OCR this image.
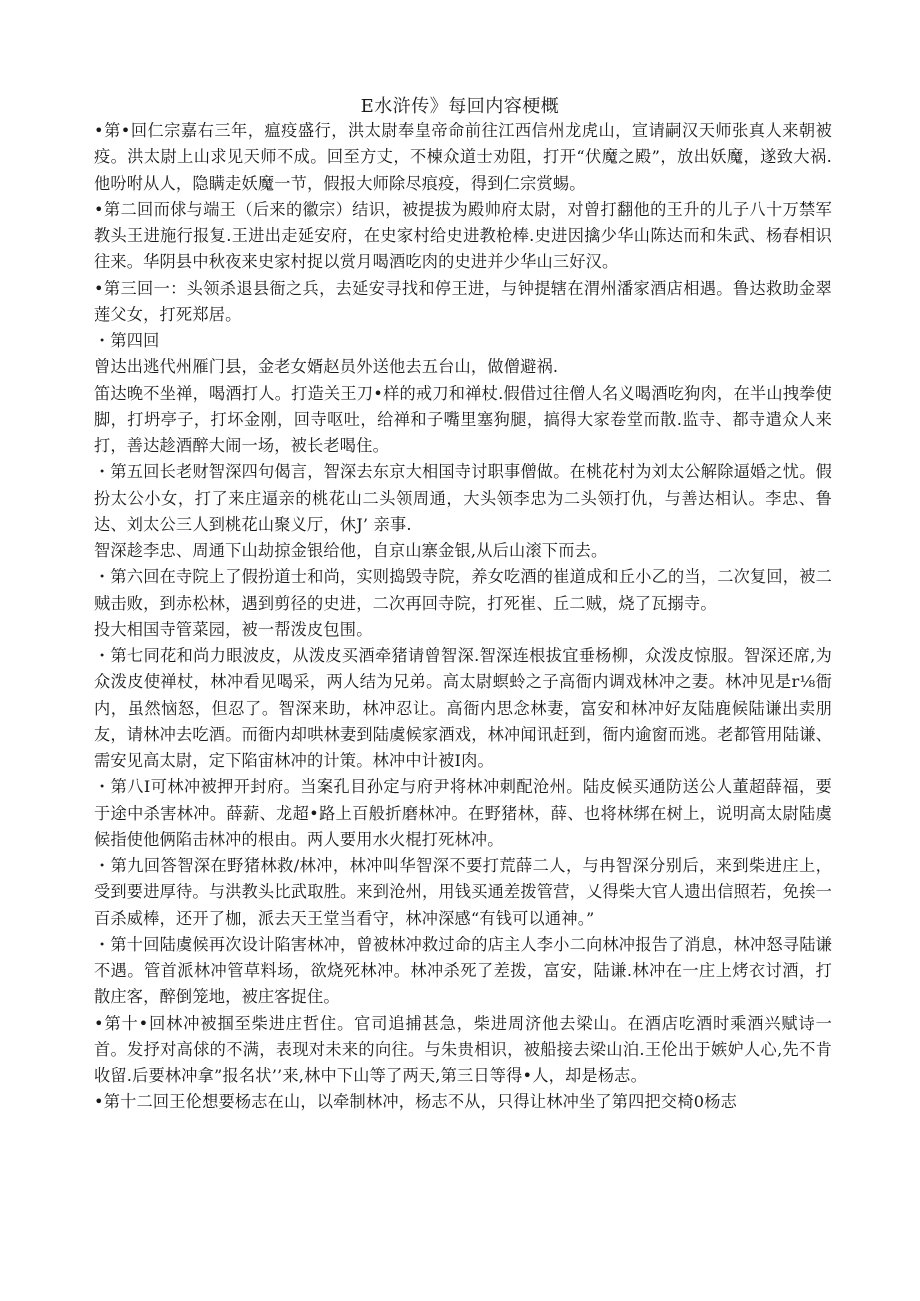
E水浒传》每回内容梗概

•第•回仁宗嘉右三年，瘟疫盛行，洪太尉奉皇帝命前往江西信州龙虎山，宣请嗣汉天师张真人来朝被疫。洪太尉上山求见天师不成。回至方丈，不楝众道士劝阻，打开“伏魔之殿”，放出妖魔，遂致大祸.他吩咐从人，隐瞒走妖魔一节，假报大师除尽痕疫，得到仁宗赏蜴。

•第二回而俅与端王（后来的徽宗）结识，被提拔为殿帅府太尉，对曾打翻他的王升的儿子八十万禁军教头王进施行报复.王进出走延安府，在史家村给史进教枪棒.史进因擒少华山陈达而和朱武、杨春相识往来。华阴县中秋夜来史家村捉以赏月喝酒吃肉的史进并少华山三好汉。

•第三回一：头领杀退县衙之兵，去延安寻找和停王进，与钟提辖在渭州潘家酒店相遇。鲁达救助金翠莲父女，打死郑居。

・第四回

曾达出逃代州雁门县，金老女婿赵员外送他去五台山，做僧避祸.

笛达晚不坐禅，喝酒打人。打造关王刀•样的戒刀和禅杖.假借过往僧人名义喝酒吃狗肉，在半山拽拳使脚，打坍亭子，打坏金刚，回寺呕吐，给禅和子嘴里塞狗腿，搞得大家卷堂而散.监寺、都寺遣众人来打，善达趁酒醉大闹一场，被长老喝住。

・第五回长老财智深四句偈言，智深去东京大相国寺讨职事僧做。在桃花村为刘太公解除逼婚之忧。假扮太公小女，打了来庄逼亲的桃花山二头领周通，大头领李忠为二头领打仇，与善达相认。李忠、鲁达、刘太公三人到桃花山聚义厅，休J’ 亲事.

智深趁李忠、周通下山劫掠金银给他，自京山寨金银,从后山滚下而去。

・第六回在寺院上了假扮道士和尚，实则捣毁寺院，养女吃酒的崔道成和丘小乙的当，二次复回，被二贼击败，到赤松林，遇到剪径的史进，二次再回寺院，打死崔、丘二贼，烧了瓦搦寺。

投大相国寺管菜园，被一帮泼皮包围。

・第七同花和尚力眼波皮，从泼皮买酒牵猪请曾智深.智深连根拔宜垂杨柳，众泼皮惊服。智深还席,为众泼皮使禅杖，林冲看见喝采，两人结为兄弟。高太尉螟蛉之子高衙内调戏林冲之妻。林冲见是r⅛衙内，虽然恼怒，但忍了。智深来助，林冲忍让。高衙内思念林妻，富安和林冲好友陆鹿候陆谦出卖朋友，请林冲去吃酒。而衙内却哄林妻到陆虞候家酒戏，林冲闻讯赶到，衙内逾窗而逃。老都管用陆谦、需安见高太尉，定下陷宙林冲的计策。林冲中计被I肉。

・第八I可林冲被押开封府。当案孔目孙定与府尹将林冲刺配沧州。陆皮候买通防送公人董超薛福，要于途中杀害林冲。薛薪、龙超•路上百般折磨林冲。在野猪林，薛、也将林绑在树上，说明高太尉陆虞候指使他俩陷击林冲的根由。两人要用水火棍打死林冲。

・第九回答智深在野猪林救/林冲，林冲叫华智深不要打荒薛二人，与冉智深分别后，来到柴进庄上，受到要进厚待。与洪教头比武取胜。来到沧州，用钱买通差拨管营，乂得柴大官人遗出信照若，免挨一百杀威棒，还开了枷，派去天王堂当看守，林冲深感“有钱可以通神。”

・第十回陆虞候再次设计陷害林冲，曾被林冲救过命的店主人李小二向林冲报告了消息，林冲怒寻陆谦不遇。管首派林冲管草料场，欲烧死林冲。林冲杀死了差拨，富安，陆谦.林冲在一庄上烤衣讨酒，打散庄客，醉倒笼地，被庄客捉住。

•第十•回林冲被掴至柴进庄哲住。官司追捕甚急，柴进周济他去梁山。在酒店吃酒时乘酒兴赋诗一首。发抒对高俅的不满，表现对未来的向往。与朱贵相识，被船接去梁山泊.王伦出于嫉妒人心,先不肯收留.后要林冲拿”报名状’’来,林中下山等了两天,第三日等得•人，却是杨志。

•第十二回王伦想要杨志在山，以牵制林冲，杨志不从，只得让林冲坐了第四把交椅0杨志
